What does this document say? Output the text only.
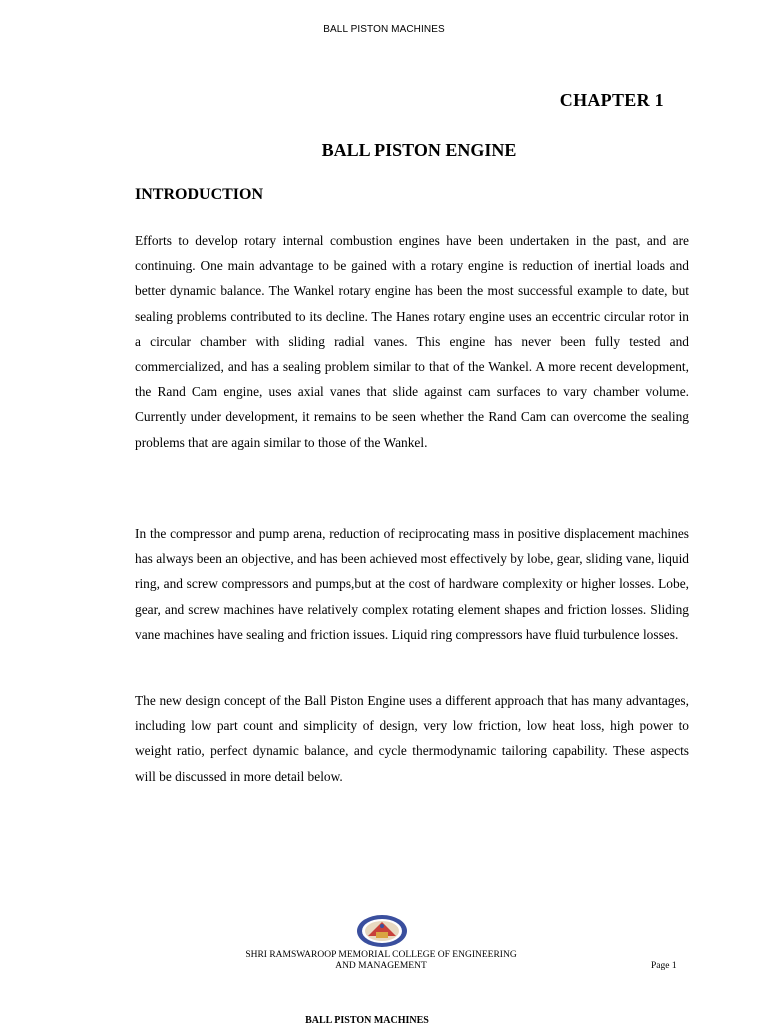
BALL PISTON MACHINES
CHAPTER 1
BALL PISTON ENGINE
INTRODUCTION

Efforts to develop rotary internal combustion engines have been undertaken in the past, and are continuing. One main advantage to be gained with a rotary engine is reduction of inertial loads and better dynamic balance. The Wankel rotary engine has been the most successful example to date, but sealing problems contributed to its decline. The Hanes rotary engine uses an eccentric circular rotor in a circular chamber with sliding radial vanes. This engine has never been fully tested and commercialized, and has a sealing problem similar to that of the Wankel. A more recent development, the Rand Cam engine, uses axial vanes that slide against cam surfaces to vary chamber volume. Currently under development, it remains to be seen whether the Rand Cam can overcome the sealing problems that are again similar to those of the Wankel.

In the compressor and pump arena, reduction of reciprocating mass in positive displacement machines has always been an objective, and has been achieved most effectively by lobe, gear, sliding vane, liquid ring, and screw compressors and pumps,but at the cost of hardware complexity or higher losses. Lobe, gear, and screw machines have relatively complex rotating element shapes and friction losses. Sliding vane machines have sealing and friction issues. Liquid ring compressors have fluid turbulence losses.

The new design concept of the Ball Piston Engine uses a different approach that has many advantages, including low part count and simplicity of design, very low friction, low heat loss, high power to weight ratio, perfect dynamic balance, and cycle thermodynamic tailoring capability. These aspects will be discussed in more detail below.

SHRI RAMSWAROOP MEMORIAL COLLEGE OF ENGINEERING
AND MANAGEMENT	Page 1
BALL PISTON MACHINES
